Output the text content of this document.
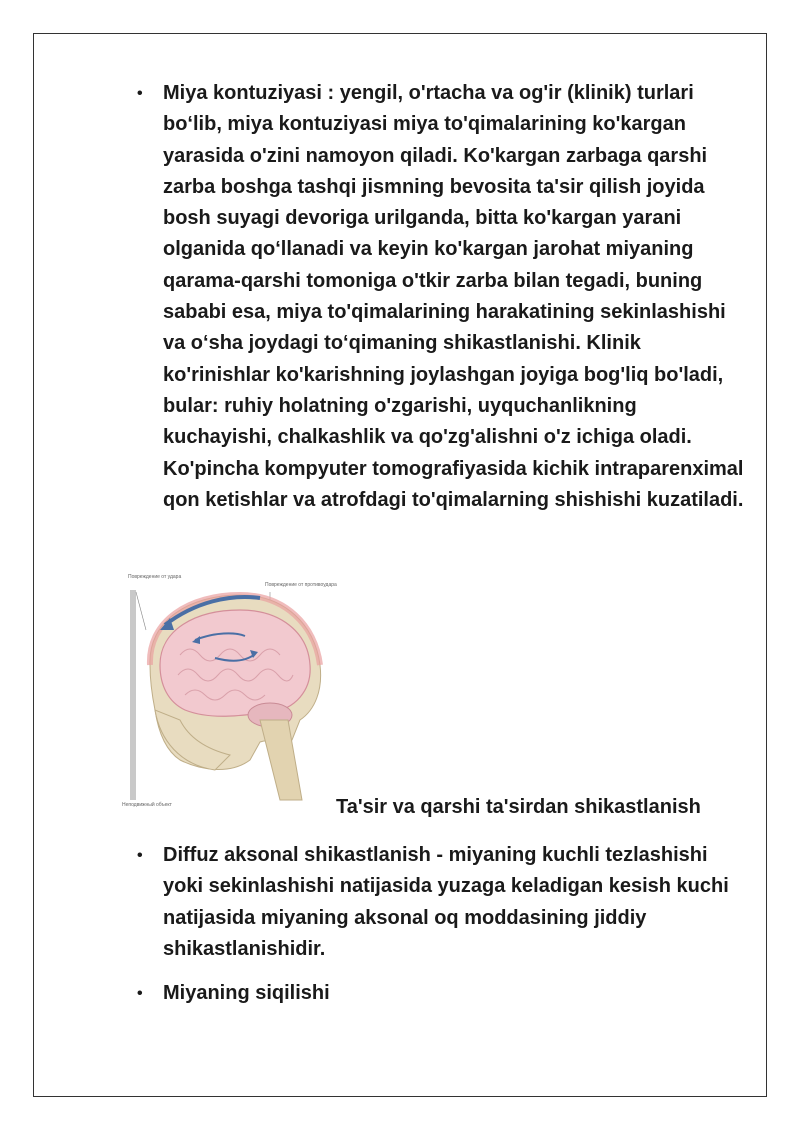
• Miya kontuziyasi : yengil, o'rtacha va og'ir (klinik) turlari bo‘lib, miya kontuziyasi miya to'qimalarining ko'kargan yarasida o'zini namoyon qiladi. Ko'kargan zarbaga qarshi zarba boshga tashqi jismning bevosita ta'sir qilish joyida bosh suyagi devoriga urilganda, bitta ko'kargan yarani olganida qo‘llanadi va keyin ko'kargan jarohat miyaning qarama-qarshi tomoniga o'tkir zarba bilan tegadi, buning sababi esa, miya to'qimalarining harakatining sekinlashishi va o‘sha joydagi to‘qimaning shikastlanishi. Klinik ko'rinishlar ko'karishning joylashgan joyiga bog'liq bo'ladi, bular: ruhiy holatning o'zgarishi, uyquchanlikning kuchayishi, chalkashlik va qo'zg'alishni o'z ichiga oladi. Ko'pincha kompyuter tomografiyasida kichik intraparenximal qon ketishlar va atrofdagi to'qimalarning shishishi kuzatiladi.
Повреждение от удара
Повреждение от противоудара
Неподвижный объект	Ta'sir va qarshi ta'sirdan shikastlanish
• Diffuz aksonal shikastlanish - miyaning kuchli tezlashishi yoki sekinlashishi natijasida yuzaga keladigan kesish kuchi natijasida miyaning aksonal oq moddasining jiddiy shikastlanishidir.
• Miyaning siqilishi
